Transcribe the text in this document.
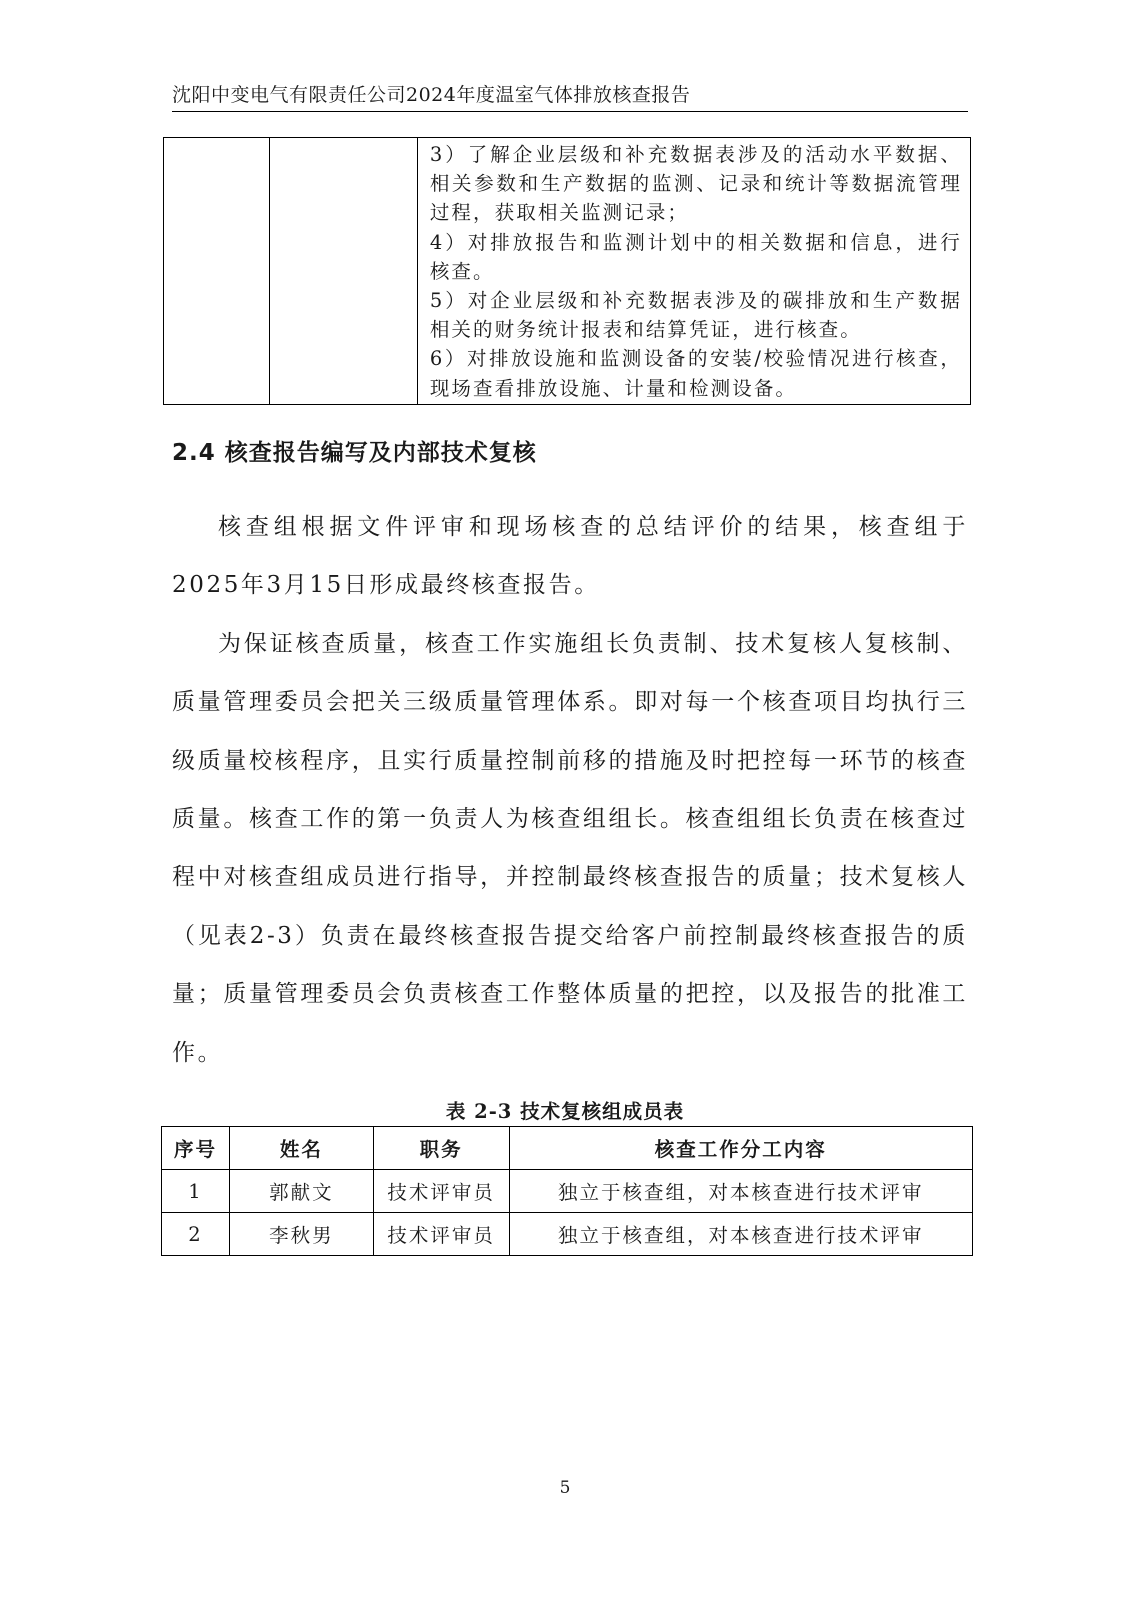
沈阳中变电气有限责任公司2024年度温室气体排放核查报告

3）了解企业层级和补充数据表涉及的活动水平数据、相关参数和生产数据的监测、记录和统计等数据流管理过程，获取相关监测记录；
4）对排放报告和监测计划中的相关数据和信息，进行核查。
5）对企业层级和补充数据表涉及的碳排放和生产数据相关的财务统计报表和结算凭证，进行核查。
6）对排放设施和监测设备的安装/校验情况进行核查，现场查看排放设施、计量和检测设备。
2.4 核查报告编写及内部技术复核

核查组根据文件评审和现场核查的总结评价的结果，核查组于2025年3月15日形成最终核查报告。

为保证核查质量，核查工作实施组长负责制、技术复核人复核制、质量管理委员会把关三级质量管理体系。即对每一个核查项目均执行三级质量校核程序，且实行质量控制前移的措施及时把控每一环节的核查质量。核查工作的第一负责人为核查组组长。核查组组长负责在核查过程中对核查组成员进行指导，并控制最终核查报告的质量；技术复核人（见表2-3）负责在最终核查报告提交给客户前控制最终核查报告的质量；质量管理委员会负责核查工作整体质量的把控，以及报告的批准工作。

表 2-3 技术复核组成员表
序号	姓名	职务	核查工作分工内容
1	郭献文	技术评审员	独立于核查组，对本核查进行技术评审
2	李秋男	技术评审员	独立于核查组，对本核查进行技术评审
5
